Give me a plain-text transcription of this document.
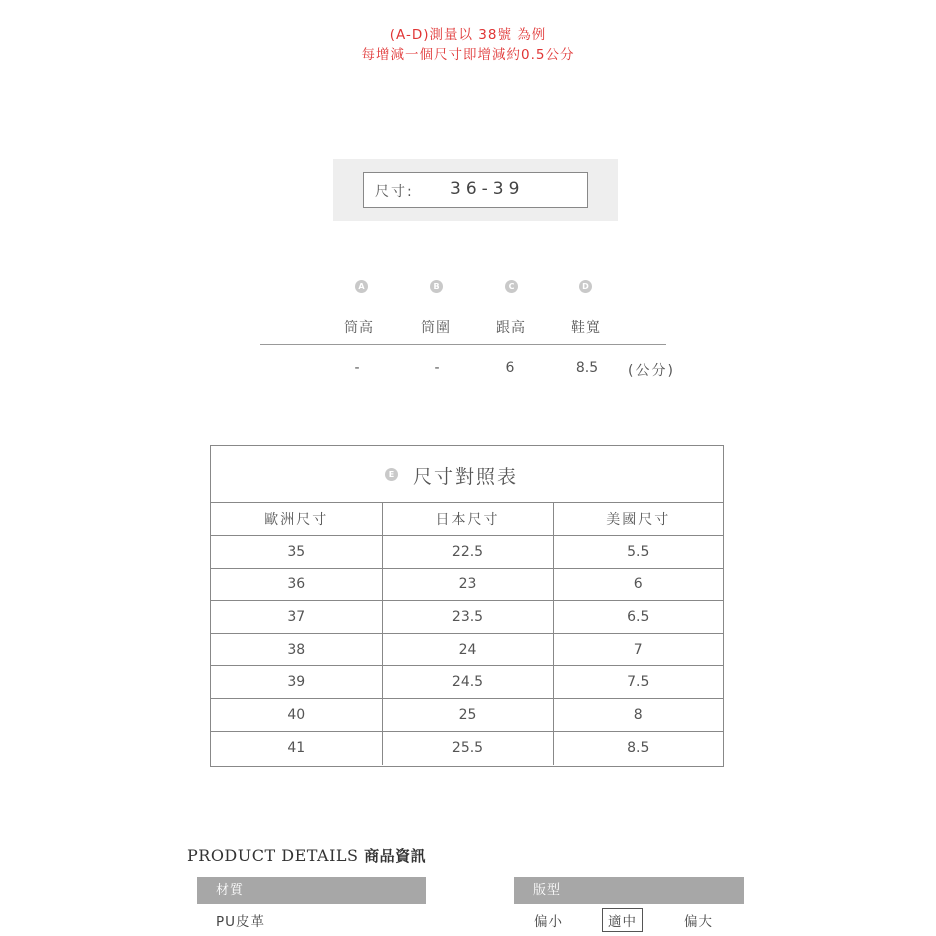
(A-D)測量以 38號 為例
每增減一個尺寸即增減約0.5公分
尺寸: 36-39
A	B	C	D
筒高	筒圍	跟高	鞋寬
-	-	6	8.5	(公分)
E 尺寸對照表
歐洲尺寸	日本尺寸	美國尺寸
35	22.5	5.5
36	23	6
37	23.5	6.5
38	24	7
39	24.5	7.5
40	25	8
41	25.5	8.5
PRODUCT DETAILS 商品資訊
材質
PU皮革
版型
偏小	適中	偏大
